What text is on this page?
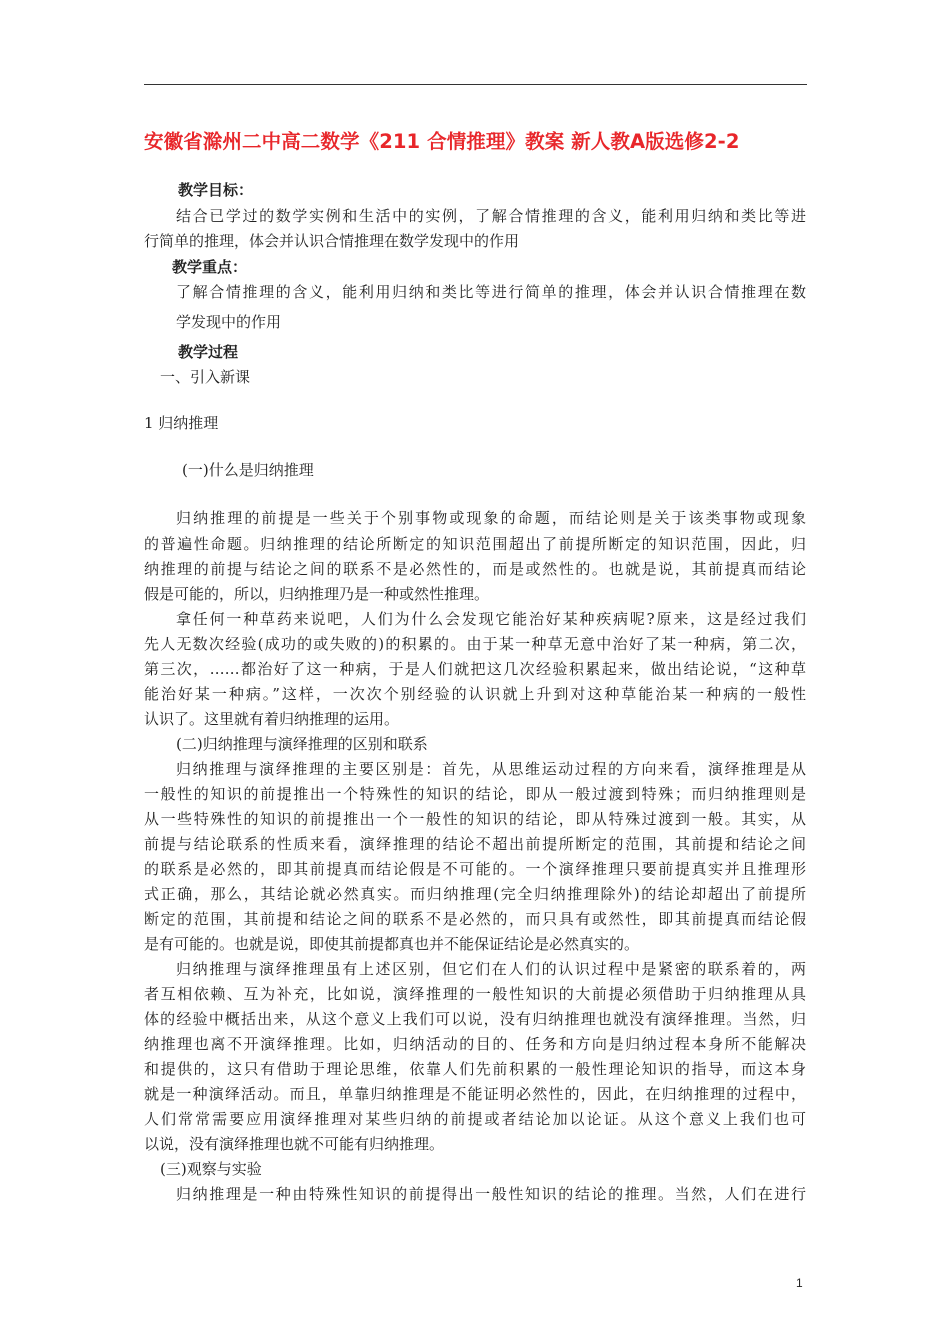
安徽省滁州二中高二数学《211 合情推理》教案 新人教A版选修2-2
教学目标：
结合已学过的数学实例和生活中的实例，了解合情推理的含义，能利用归纳和类比等进
行简单的推理，体会并认识合情推理在数学发现中的作用
教学重点：
了解合情推理的含义，能利用归纳和类比等进行简单的推理，体会并认识合情推理在数
学发现中的作用
教学过程
一、引入新课
1 归纳推理
(一)什么是归纳推理
归纳推理的前提是一些关于个别事物或现象的命题，而结论则是关于该类事物或现象
的普遍性命题。归纳推理的结论所断定的知识范围超出了前提所断定的知识范围，因此，归
纳推理的前提与结论之间的联系不是必然性的，而是或然性的。也就是说，其前提真而结论
假是可能的，所以，归纳推理乃是一种或然性推理。
拿任何一种草药来说吧，人们为什么会发现它能治好某种疾病呢?原来，这是经过我们
先人无数次经验(成功的或失败的)的积累的。由于某一种草无意中治好了某一种病，第二次，
第三次，……都治好了这一种病，于是人们就把这几次经验积累起来，做出结论说，“这种草
能治好某一种病。”这样，一次次个别经验的认识就上升到对这种草能治某一种病的一般性
认识了。这里就有着归纳推理的运用。
(二)归纳推理与演绎推理的区别和联系
归纳推理与演绎推理的主要区别是：首先，从思维运动过程的方向来看，演绎推理是从
一般性的知识的前提推出一个特殊性的知识的结论，即从一般过渡到特殊；而归纳推理则是
从一些特殊性的知识的前提推出一个一般性的知识的结论，即从特殊过渡到一般。其实，从
前提与结论联系的性质来看，演绎推理的结论不超出前提所断定的范围，其前提和结论之间
的联系是必然的，即其前提真而结论假是不可能的。一个演绎推理只要前提真实并且推理形
式正确，那么，其结论就必然真实。而归纳推理(完全归纳推理除外)的结论却超出了前提所
断定的范围，其前提和结论之间的联系不是必然的，而只具有或然性，即其前提真而结论假
是有可能的。也就是说，即使其前提都真也并不能保证结论是必然真实的。
归纳推理与演绎推理虽有上述区别，但它们在人们的认识过程中是紧密的联系着的，两
者互相依赖、互为补充，比如说，演绎推理的一般性知识的大前提必须借助于归纳推理从具
体的经验中概括出来，从这个意义上我们可以说，没有归纳推理也就没有演绎推理。当然，归
纳推理也离不开演绎推理。比如，归纳活动的目的、任务和方向是归纳过程本身所不能解决
和提供的，这只有借助于理论思维，依靠人们先前积累的一般性理论知识的指导，而这本身
就是一种演绎活动。而且，单靠归纳推理是不能证明必然性的，因此，在归纳推理的过程中，
人们常常需要应用演绎推理对某些归纳的前提或者结论加以论证。从这个意义上我们也可
以说，没有演绎推理也就不可能有归纳推理。
(三)观察与实验
归纳推理是一种由特殊性知识的前提得出一般性知识的结论的推理。当然，人们在进行
1
